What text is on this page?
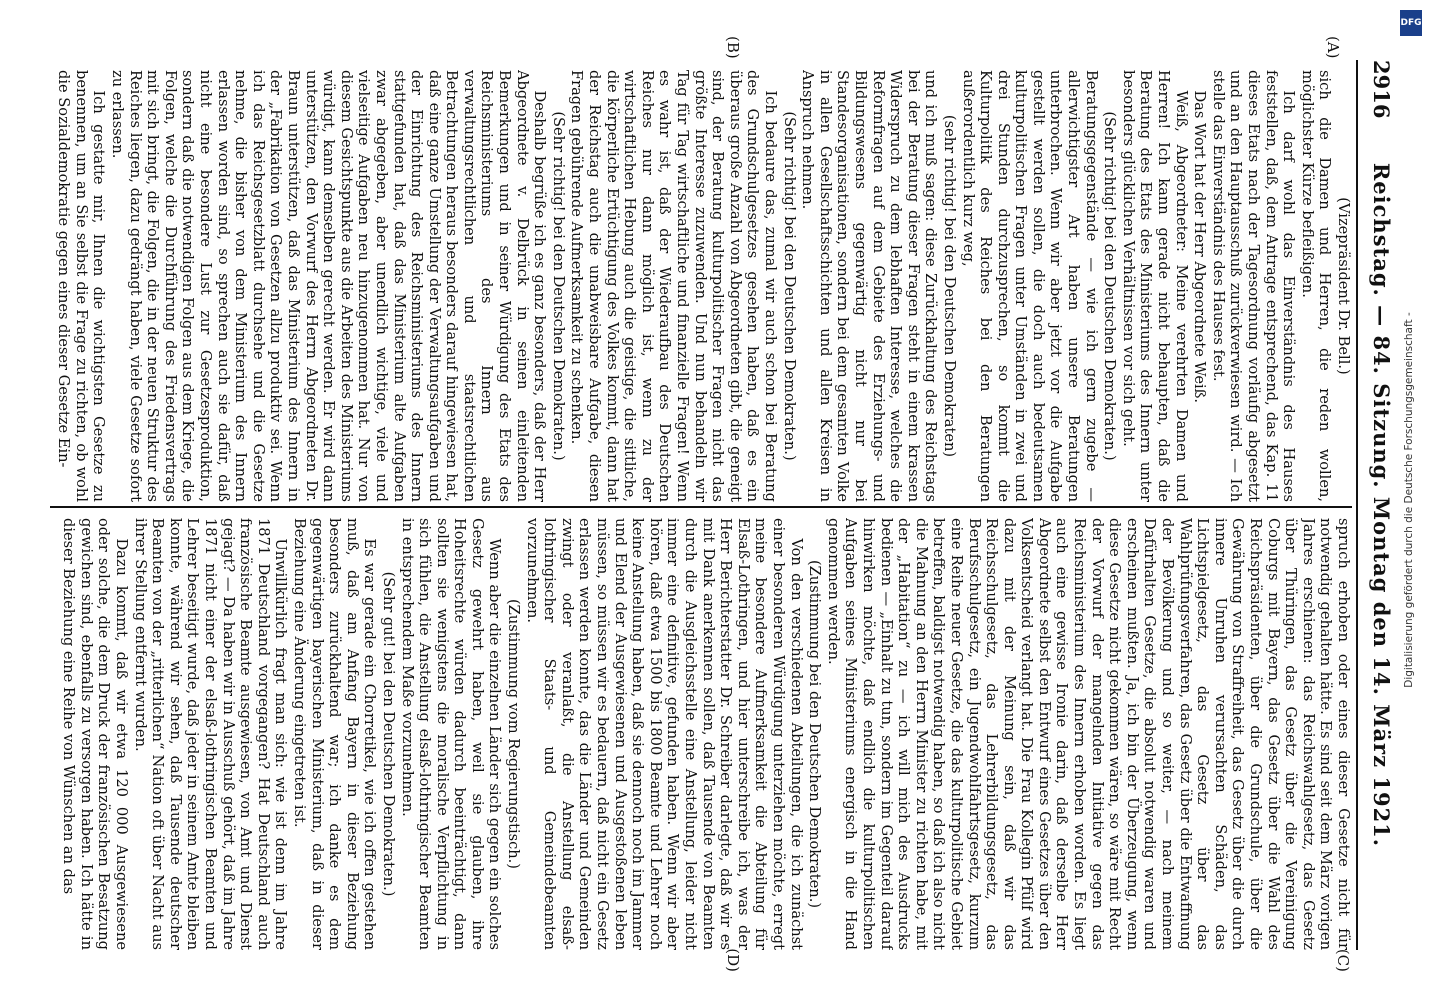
2916
Reichstag. — 84. Sitzung. Montag den 14. März 1921.
(A)
(B)
(C)
(D)

(Vizepräsident Dr. Bell.)

sich die Damen und Herren, die reden wollen, möglichster Kürze befleißigen.

Ich darf wohl das Einverständnis des Hauses feststellen, daß, dem Antrage entsprechend, das Kap. 11 dieses Etats nach der Tagesordnung vorläufig abgesetzt und an den Hauptausschuß zurückverwiesen wird. — Ich stelle das Einverständnis des Hauses fest.

Das Wort hat der Herr Abgeordnete Weiß.

Weiß, Abgeordneter: Meine verehrten Damen und Herren! Ich kann gerade nicht behaupten, daß die Beratung des Etats des Ministeriums des Innern unter besonders glücklichen Verhältnissen vor sich geht.

(Sehr richtig! bei den Deutschen Demokraten.)

Beratungsgegenstände — wie ich gern zugebe — allerwichtigster Art haben unsere Beratungen unterbrochen. Wenn wir aber jetzt vor die Aufgabe gestellt werden sollen, die doch auch bedeutsamen kulturpolitischen Fragen unter Umständen in zwei und drei Stunden durchzusprechen, so kommt die Kulturpolitik des Reiches bei den Beratungen außerordentlich kurz weg,

(sehr richtig! bei den Deutschen Demokraten)

und ich muß sagen: diese Zurückhaltung des Reichstags bei der Beratung dieser Fragen steht in einem krassen Widerspruch zu dem lebhaften Interesse, welches die Reformfragen auf dem Gebiete des Erziehungs- und Bildungswesens gegenwärtig nicht nur bei Standesorganisationen, sondern bei dem gesamten Volke in allen Gesellschaftsschichten und allen Kreisen in Anspruch nehmen.

(Sehr richtig! bei den Deutschen Demokraten.)

Ich bedaure das, zumal wir auch schon bei Beratung des Grundschulgesetzes gesehen haben, daß es ein überaus große Anzahl von Abgeordneten gibt, die geneigt sind, der Beratung kulturpolitischer Fragen nicht das größte Interesse zuzuwenden. Und nun behandeln wir Tag für Tag wirtschaftliche und finanzielle Fragen! Wenn es wahr ist, daß der Wiederaufbau des Deutschen Reiches nur dann möglich ist, wenn zu der wirtschaftlichen Hebung auch die geistige, die sittliche, die körperliche Ertüchtigung des Volkes kommt, dann hat der Reichstag auch die unabweisbare Aufgabe, diesen Fragen gebührende Aufmerksamkeit zu schenken.

(Sehr richtig! bei den Deutschen Demokraten.)

Deshalb begrüße ich es ganz besonders, daß der Herr Abgeordnete v. Delbrück in seinen einleitenden Bemerkungen und in seiner Würdigung des Etats des Reichsministeriums des Innern aus verwaltungsrechtlichen und staatsrechtlichen Betrachtungen heraus besonders darauf hingewiesen hat, daß eine ganze Umstellung der Verwaltungsaufgaben und der Einrichtung des Reichsministeriums des Innern stattgefunden hat, daß das Ministerium alte Aufgaben zwar abgegeben, aber unendlich wichtige, viele und vielseitige Aufgaben neu hinzugenommen hat. Nur von diesem Gesichtspunkte aus die Arbeiten des Ministeriums würdigt, kann demselben gerecht werden. Er wird dann unterstützen, den Vorwurf des Herrn Abgeordneten Dr. Braun unterstützen, daß das Ministerium des Innern in der „Fabrikation von Gesetzen allzu produktiv sei. Wenn ich das Reichsgesetzblatt durchsehe und die Gesetze nehme, die bisher von dem Ministerium des Innern erlassen worden sind, so sprechen auch sie dafür, daß nicht eine besondere Lust zur Gesetzesproduktion, sondern daß die notwendigen Folgen aus dem Kriege, die Folgen, welche die Durchführung des Friedensvertrags mit sich bringt, die Folgen, die in der neuen Struktur des Reiches liegen, dazu gedrängt haben, viele Gesetze sofort zu erlassen.

Ich gestatte mir, Ihnen die wichtigsten Gesetze zu benennen, um an Sie selbst die Frage zu richten, ob wohl die Sozialdemokratie gegen eines dieser Gesetze Ein-

spruch erhoben oder eines dieser Gesetze nicht für notwendig gehalten hätte. Es sind seit dem März vorigen Jahres erschienen: das Reichswahlgesetz, das Gesetz über Thüringen, das Gesetz über die Vereinigung Coburgs mit Bayern, das Gesetz über die Wahl des Reichspräsidenten, über die Grundschule, über die Gewährung von Straffreiheit, das Gesetz über die durch innere Unruhen verursachten Schäden, das Lichtspielgesetz, das Gesetz über das Wahlprüfungsverfahren, das Gesetz über die Entwaffnung der Bevölkerung und so weiter, — nach meinem Dafürhalten Gesetze, die absolut notwendig waren und erscheinen mußten. Ja, ich bin der Überzeugung, wenn diese Gesetze nicht gekommen wären, so wäre mit Recht der Vorwurf der mangelnden Initiative gegen das Reichsministerium des Innern erhoben worden. Es liegt auch eine gewisse Ironie darin, daß derselbe Herr Abgeordnete selbst den Entwurf eines Gesetzes über den Volksentscheid verlangt hat. Die Frau Kollegin Pfülf wird dazu mit der Meinung sein, daß wir das Reichsschulgesetz, das Lehrerbildungsgesetz, das Berufsschulgesetz, ein Jugendwohlfahrtsgesetz, kurzum eine Reihe neuer Gesetze, die das kulturpolitische Gebiet betreffen, baldigst notwendig haben, so daß ich also nicht die Mahnung an den Herrn Minister zu richten habe, mit der „Habitation“ zu — ich will mich des Ausdrucks bedienen — „Einhalt zu tun, sondern im Gegenteil darauf hinwirken möchte, daß endlich die kulturpolitischen Aufgaben seines Ministeriums energisch in die Hand genommen werden.

(Zustimmung bei den Deutschen Demokraten.)

Von den verschiedenen Abteilungen, die ich zunächst einer besonderen Würdigung unterziehen möchte, erregt meine besondere Aufmerksamkeit die Abteilung für Elsaß-Lothringen, und hier unterschreibe ich, was der Herr Berichterstatter Dr. Schreiber darlegte, daß wir es mit Dank anerkennen sollen, daß Tausende von Beamten durch die Ausgleichsstelle eine Anstellung, leider nicht immer eine definitive, gefunden haben. Wenn wir aber hören, daß etwa 1500 bis 1800 Beamte und Lehrer noch keine Anstellung haben, daß sie dennoch noch im Jammer und Elend der Ausgewiesenen und Ausgestoßenen leben müssen, so müssen wir es bedauern, daß nicht ein Gesetz erlassen werden konnte, das die Länder und Gemeinden zwingt oder veranlaßt, die Anstellung elsaß-lothringischer Staats- und Gemeindebeamten vorzunehmen.

(Zustimmung vom Regierungstisch.)

Wenn aber die einzelnen Länder sich gegen ein solches Gesetz gewehrt haben, weil sie glauben, ihre Hoheitsrechte würden dadurch beeinträchtigt, dann sollten sie wenigstens die moralische Verpflichtung in sich fühlen, die Anstellung elsaß-lothringischer Beamten in entsprechendem Maße vorzunehmen.

(Sehr gut! bei den Deutschen Demokraten.)

Es war gerade ein Chorretikel, wie ich offen gestehen muß, daß am Anfang Bayern in dieser Beziehung besonders zurückhaltend war; ich danke es dem gegenwärtigen bayerischen Ministerium, daß in dieser Beziehung eine Änderung eingetreten ist.

Unwillkürlich fragt man sich: wie ist denn im Jahre 1871 Deutschland vorgegangen? Hat Deutschland auch französische Beamte ausgewiesen, von Amt und Dienst gejagt? — Da haben wir in Ausschuß gehört, daß im Jahre 1871 nicht einer der elsaß-lothringischen Beamten und Lehrer beseitigt wurde, daß jeder in seinem Amte bleiben konnte, während wir sehen, daß Tausende deutscher Beamten von der „ritterlichen“ Nation oft über Nacht aus ihrer Stellung entfernt wurden.

Dazu kommt, daß wir etwa 120 000 Ausgewiesene oder solche, die dem Druck der französischen Besatzung gewichen sind, ebenfalls zu versorgen haben. Ich hätte in dieser Beziehung eine Reihe von Wünschen an das

Digitalisierung gefördert durch die Deutsche Forschungsgemeinschaft -
DFG
